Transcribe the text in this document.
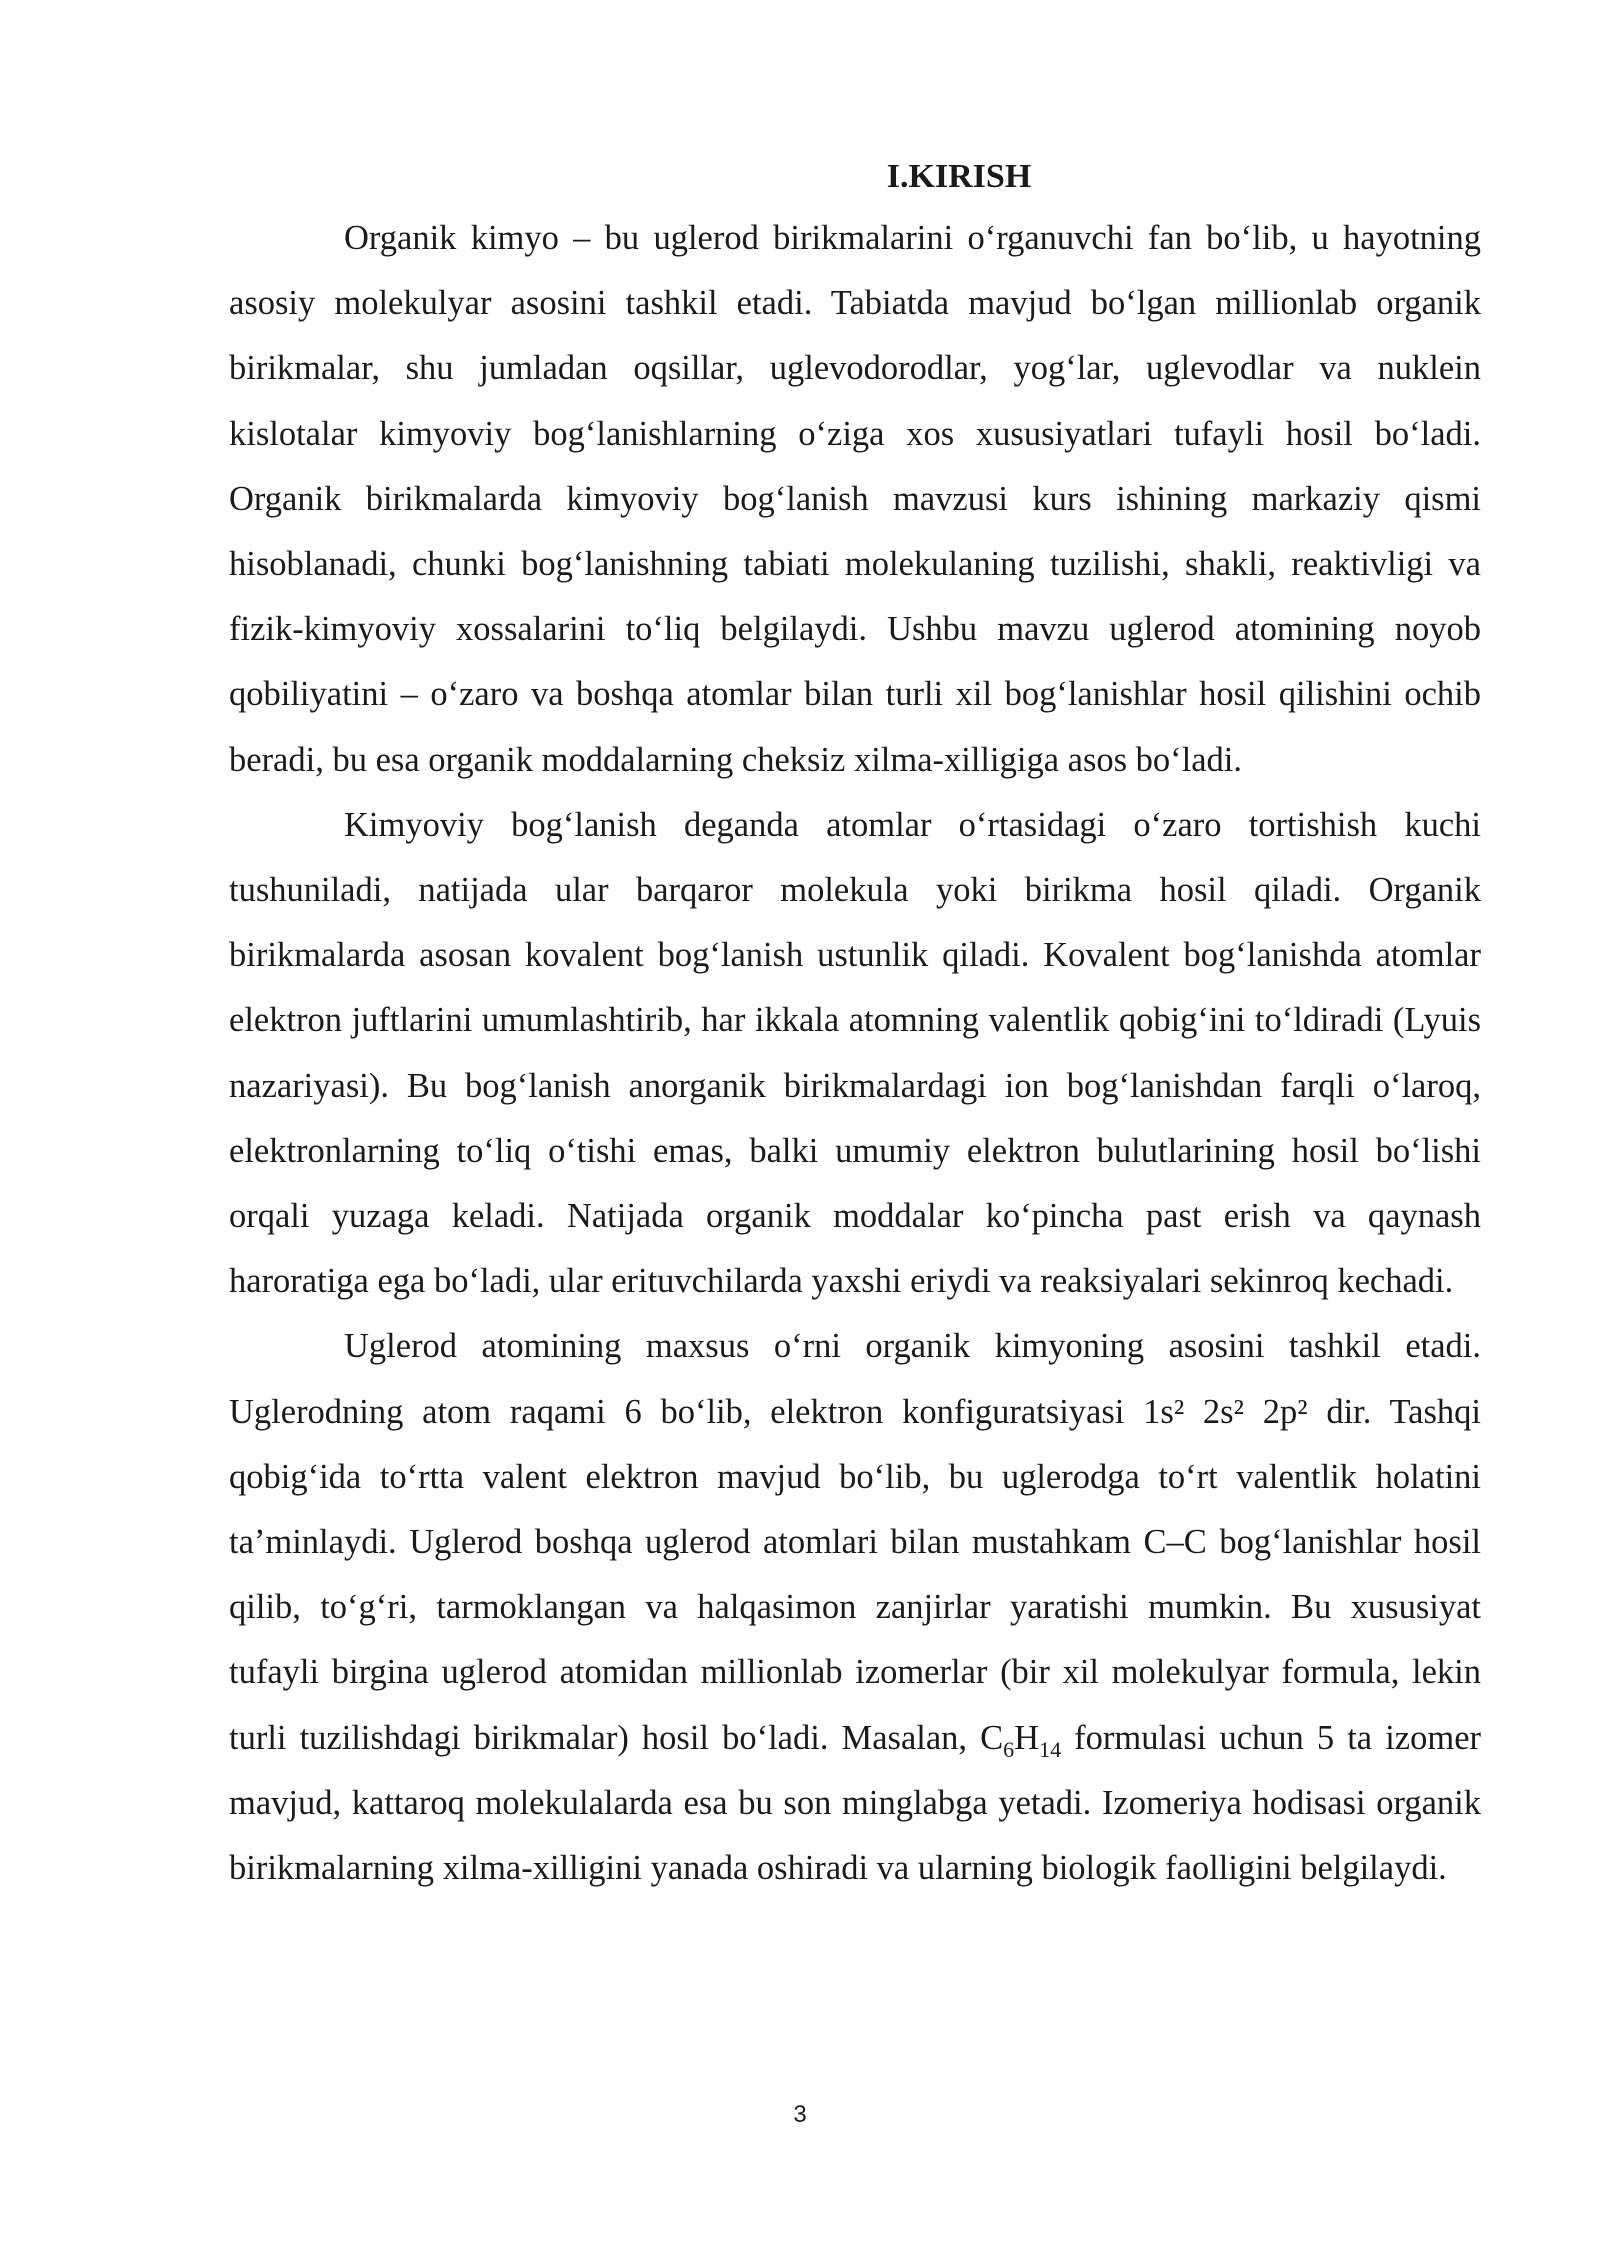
I.KIRISH

Organik kimyo – bu uglerod birikmalarini oʻrganuvchi fan boʻlib, u hayotning asosiy molekulyar asosini tashkil etadi. Tabiatda mavjud boʻlgan millionlab organik birikmalar, shu jumladan oqsillar, uglevodorodlar, yogʻlar, uglevodlar va nuklein kislotalar kimyoviy bogʻlanishlarning oʻziga xos xususiyatlari tufayli hosil boʻladi. Organik birikmalarda kimyoviy bogʻlanish mavzusi kurs ishining markaziy qismi hisoblanadi, chunki bogʻlanishning tabiati molekulaning tuzilishi, shakli, reaktivligi va fizik-kimyoviy xossalarini toʻliq belgilaydi. Ushbu mavzu uglerod atomining noyob qobiliyatini – oʻzaro va boshqa atomlar bilan turli xil bogʻlanishlar hosil qilishini ochib beradi, bu esa organik moddalarning cheksiz xilma-xilligiga asos boʻladi.

Kimyoviy bogʻlanish deganda atomlar oʻrtasidagi oʻzaro tortishish kuchi tushuniladi, natijada ular barqaror molekula yoki birikma hosil qiladi. Organik birikmalarda asosan kovalent bogʻlanish ustunlik qiladi. Kovalent bogʻlanishda atomlar elektron juftlarini umumlashtirib, har ikkala atomning valentlik qobigʻini toʻldiradi (Lyuis nazariyasi). Bu bogʻlanish anorganik birikmalardagi ion bogʻlanishdan farqli oʻlaroq, elektronlarning toʻliq oʻtishi emas, balki umumiy elektron bulutlarining hosil boʻlishi orqali yuzaga keladi. Natijada organik moddalar koʻpincha past erish va qaynash haroratiga ega boʻladi, ular erituvchilarda yaxshi eriydi va reaksiyalari sekinroq kechadi.

Uglerod atomining maxsus oʻrni organik kimyoning asosini tashkil etadi. Uglerodning atom raqami 6 boʻlib, elektron konfiguratsiyasi 1s² 2s² 2p² dir. Tashqi qobigʻida toʻrtta valent elektron mavjud boʻlib, bu uglerodga toʻrt valentlik holatini taʼminlaydi. Uglerod boshqa uglerod atomlari bilan mustahkam C–C bogʻlanishlar hosil qilib, toʻgʻri, tarmoklangan va halqasimon zanjirlar yaratishi mumkin. Bu xususiyat tufayli birgina uglerod atomidan millionlab izomerlar (bir xil molekulyar formula, lekin turli tuzilishdagi birikmalar) hosil boʻladi. Masalan, $C_6H_{14}$ formulasi uchun 5 ta izomer mavjud, kattaroq molekulalarda esa bu son minglabga yetadi. Izomeriya hodisasi organik birikmalarning xilma-xilligini yanada oshiradi va ularning biologik faolligini belgilaydi.

3
